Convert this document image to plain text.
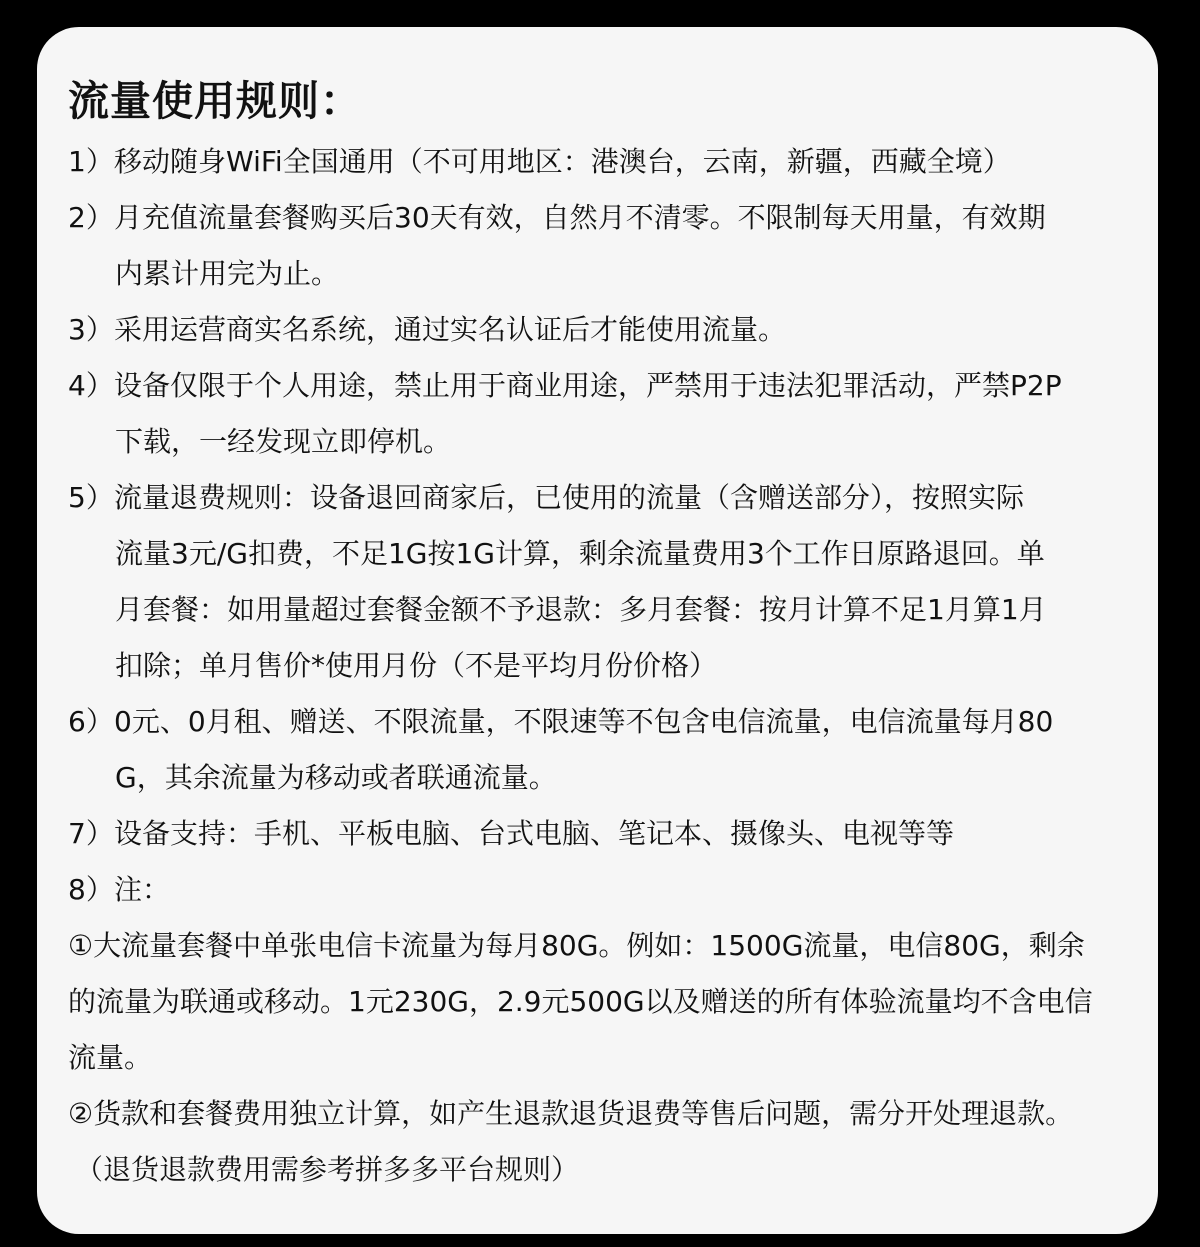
流量使用规则：
1）移动随身WiFi全国通用（不可用地区：港澳台，云南，新疆，西藏全境）
2）月充值流量套餐购买后30天有效，自然月不清零。不限制每天用量，有效期
内累计用完为止。
3）采用运营商实名系统，通过实名认证后才能使用流量。
4）设备仅限于个人用途，禁止用于商业用途，严禁用于违法犯罪活动，严禁P2P
下载，一经发现立即停机。
5）流量退费规则：设备退回商家后，已使用的流量（含赠送部分），按照实际
流量3元/G扣费，不足1G按1G计算，剩余流量费用3个工作日原路退回。单
月套餐：如用量超过套餐金额不予退款：多月套餐：按月计算不足1月算1月
扣除；单月售价*使用月份（不是平均月份价格）
6）0元、0月租、赠送、不限流量，不限速等不包含电信流量，电信流量每月80
G，其余流量为移动或者联通流量。
7）设备支持：手机、平板电脑、台式电脑、笔记本、摄像头、电视等等
8）注：
①大流量套餐中单张电信卡流量为每月80G。例如：1500G流量，电信80G，剩余
的流量为联通或移动。1元230G，2.9元500G以及赠送的所有体验流量均不含电信
流量。
②货款和套餐费用独立计算，如产生退款退货退费等售后问题，需分开处理退款。
（退货退款费用需参考拼多多平台规则）
